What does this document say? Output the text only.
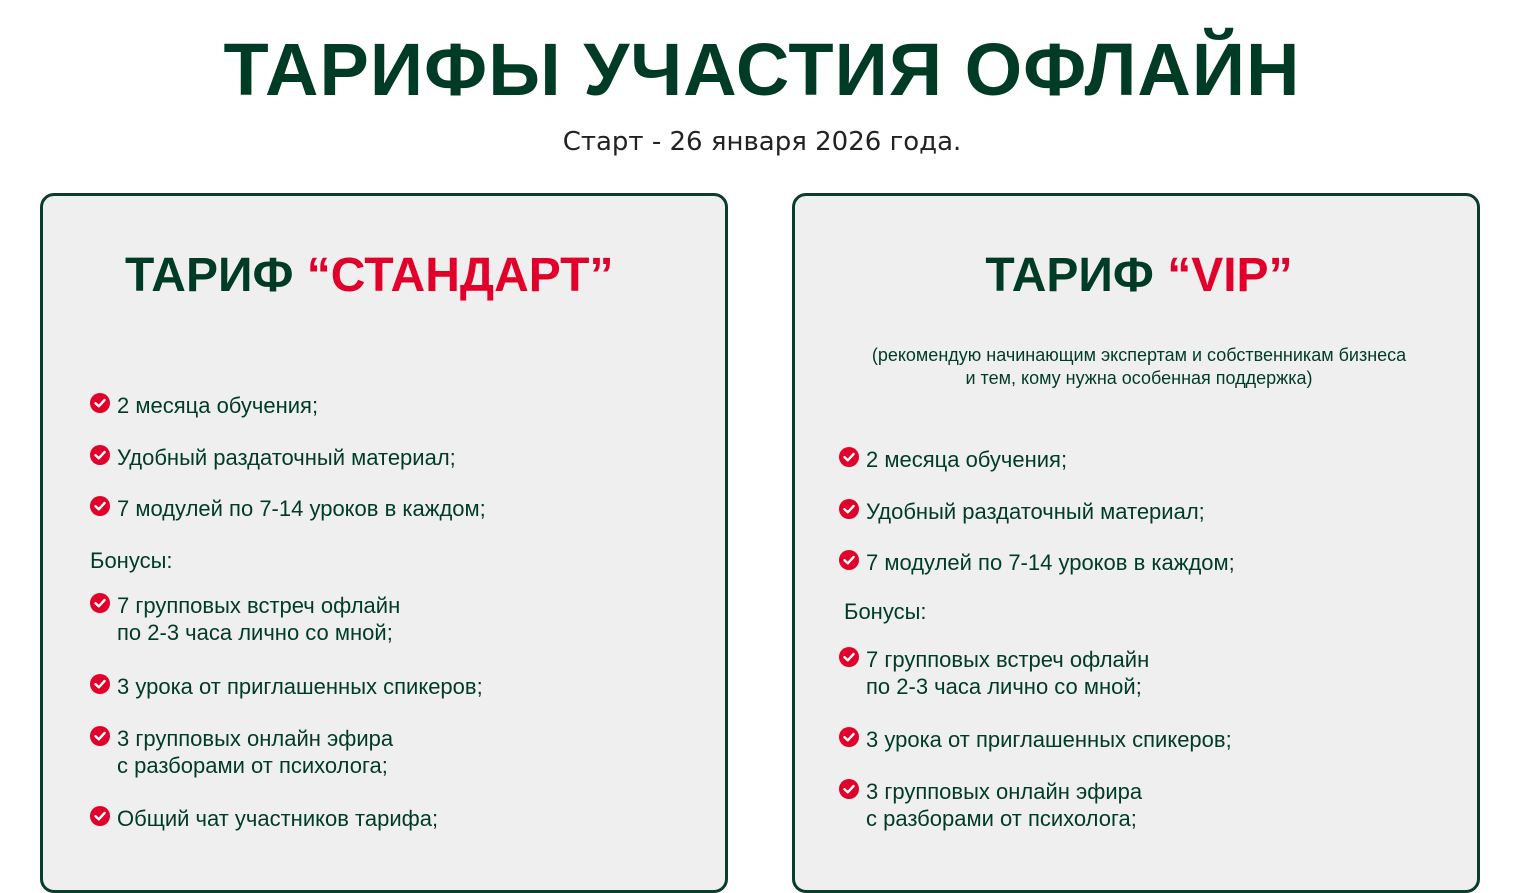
ТАРИФЫ УЧАСТИЯ ОФЛАЙН
Старт - 26 января 2026 года.
ТАРИФ “СТАНДАРТ”
2 месяца обучения;
Удобный раздаточный материал;
7 модулей по 7-14 уроков в каждом;
Бонусы:
7 групповых встреч офлайн
по 2-3 часа лично со мной;
3 урока от приглашенных спикеров;
3 групповых онлайн эфира
с разборами от психолога;
Общий чат участников тарифа;
ТАРИФ “VIP”
(рекомендую начинающим экспертам и собственникам бизнеса
и тем, кому нужна особенная поддержка)
2 месяца обучения;
Удобный раздаточный материал;
7 модулей по 7-14 уроков в каждом;
Бонусы:
7 групповых встреч офлайн
по 2-3 часа лично со мной;
3 урока от приглашенных спикеров;
3 групповых онлайн эфира
с разборами от психолога;
